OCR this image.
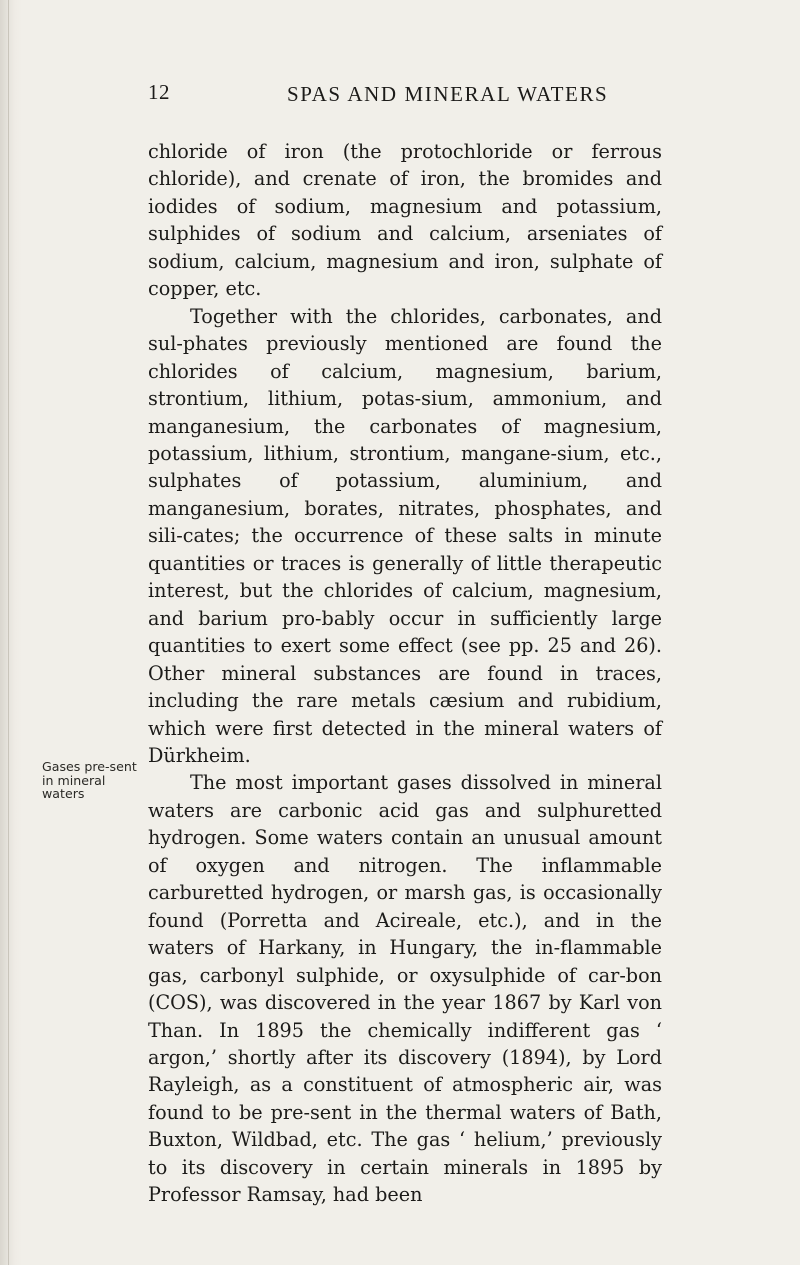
12	SPAS AND MINERAL WATERS
Gases pre-sent in mineral waters

chloride of iron (the protochloride or ferrous chloride), and crenate of iron, the bromides and iodides of sodium, magnesium and potassium, sulphides of sodium and calcium, arseniates of sodium, calcium, magnesium and iron, sulphate of copper, etc.

Together with the chlorides, carbonates, and sul-phates previously mentioned are found the chlorides of calcium, magnesium, barium, strontium, lithium, potas-sium, ammonium, and manganesium, the carbonates of magnesium, potassium, lithium, strontium, mangane-sium, etc., sulphates of potassium, aluminium, and manganesium, borates, nitrates, phosphates, and sili-cates; the occurrence of these salts in minute quantities or traces is generally of little therapeutic interest, but the chlorides of calcium, magnesium, and barium pro-bably occur in sufficiently large quantities to exert some effect (see pp. 25 and 26). Other mineral substances are found in traces, including the rare metals cæsium and rubidium, which were first detected in the mineral waters of Dürkheim.

The most important gases dissolved in mineral waters are carbonic acid gas and sulphuretted hydrogen. Some waters contain an unusual amount of oxygen and nitrogen. The inflammable carburetted hydrogen, or marsh gas, is occasionally found (Porretta and Acireale, etc.), and in the waters of Harkany, in Hungary, the in-flammable gas, carbonyl sulphide, or oxysulphide of car-bon (COS), was discovered in the year 1867 by Karl von Than. In 1895 the chemically indifferent gas ‘ argon,’ shortly after its discovery (1894), by Lord Rayleigh, as a constituent of atmospheric air, was found to be pre-sent in the thermal waters of Bath, Buxton, Wildbad, etc. The gas ‘ helium,’ previously to its discovery in certain minerals in 1895 by Professor Ramsay, had been
